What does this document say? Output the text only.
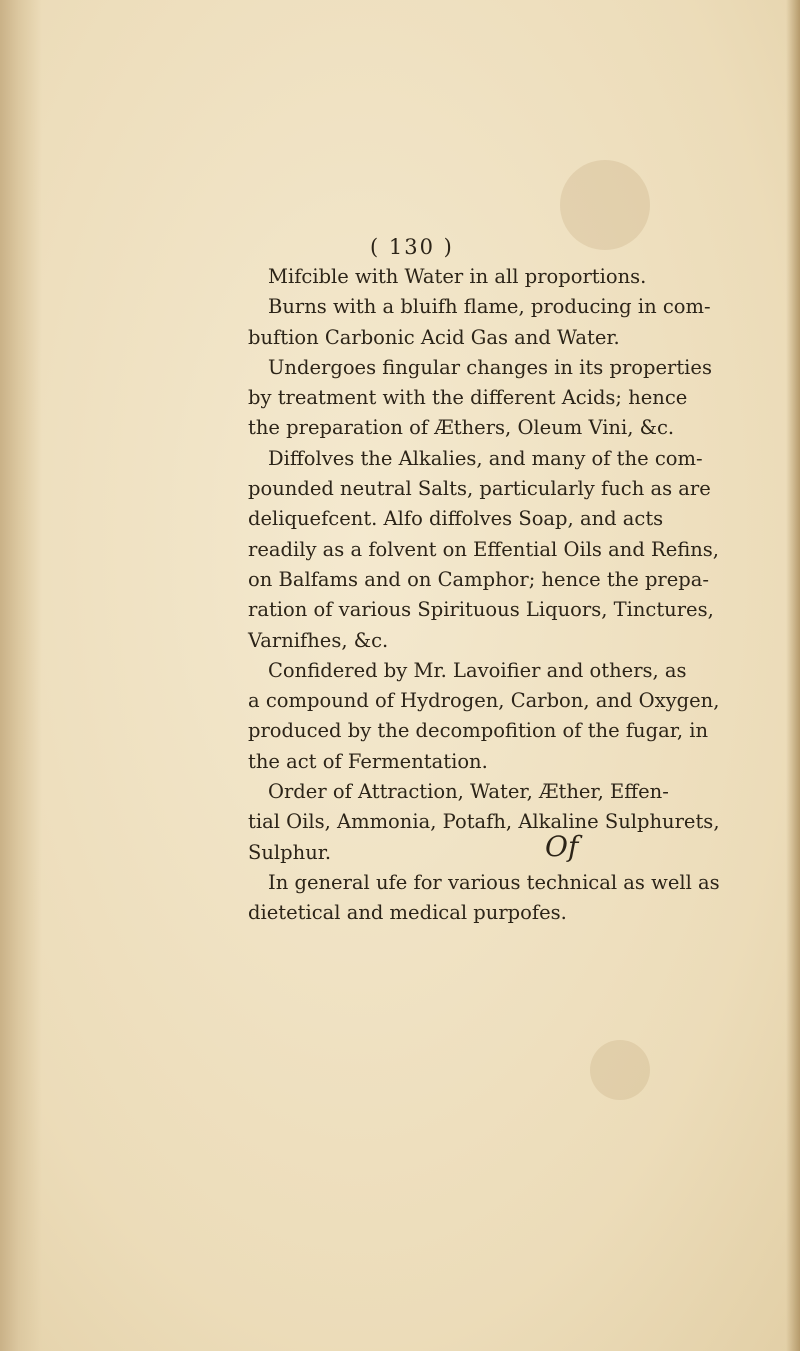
( 130 )
Mifcible with Water in all proportions.
Burns with a bluifh flame, producing in com-
buftion Carbonic Acid Gas and Water.
Undergoes fingular changes in its properties
by treatment with the different Acids; hence
the preparation of Æthers, Oleum Vini, &c.
Diffolves the Alkalies, and many of the com-
pounded neutral Salts, particularly fuch as are
deliquefcent. Alfo diffolves Soap, and acts
readily as a folvent on Effential Oils and Refins,
on Balfams and on Camphor; hence the prepa-
ration of various Spirituous Liquors, Tinctures,
Varnifhes, &c.
Confidered by Mr. Lavoifier and others, as
a compound of Hydrogen, Carbon, and Oxygen,
produced by the decompofition of the fugar, in
the act of Fermentation.
Order of Attraction, Water, Æther, Effen-
tial Oils, Ammonia, Potafh, Alkaline Sulphurets,
Sulphur.
In general ufe for various technical as well as
dietetical and medical purpofes.
Of
